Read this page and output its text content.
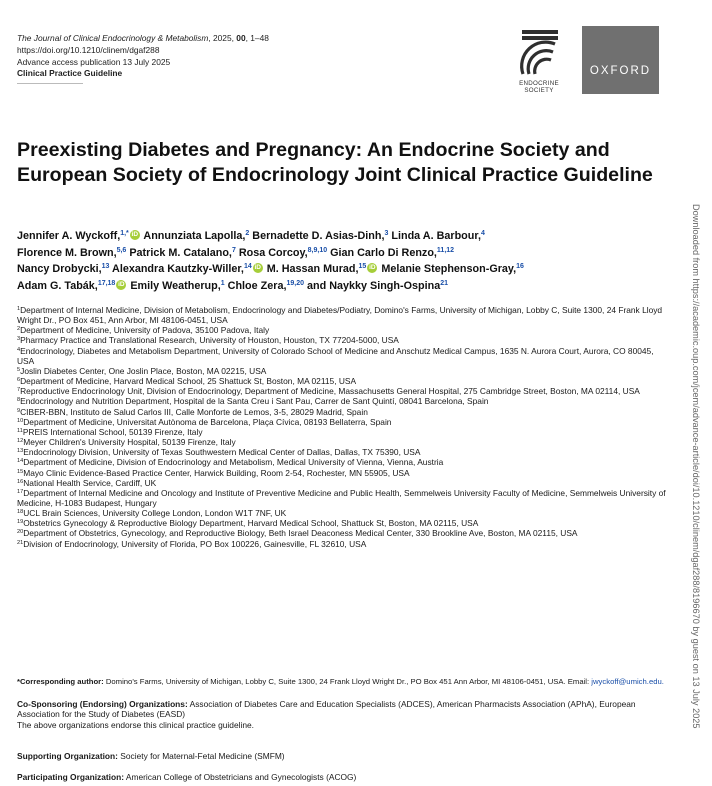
The Journal of Clinical Endocrinology & Metabolism, 2025, 00, 1–48
https://doi.org/10.1210/clinem/dgaf288
Advance access publication 13 July 2025
Clinical Practice Guideline
ENDOCRINE
SOCIETY
OXFORD
Preexisting Diabetes and Pregnancy: An Endocrine Society and European Society of Endocrinology Joint Clinical Practice Guideline
Jennifer A. Wyckoff,$^{1,*}$ iD Annunziata Lapolla,$^2$ Bernadette D. Asias-Dinh,$^3$ Linda A. Barbour,$^4$
Florence M. Brown,$^{5,6}$ Patrick M. Catalano,$^7$ Rosa Corcoy,$^{8,9,10}$ Gian Carlo Di Renzo,$^{11,12}$
Nancy Drobycki,$^{13}$ Alexandra Kautzky-Willer,$^{14}$ iD M. Hassan Murad,$^{15}$ iD Melanie Stephenson-Gray,$^{16}$
Adam G. Tabák,$^{17,18}$ iD Emily Weatherup,$^1$ Chloe Zera,$^{19,20}$ and Naykky Singh-Ospina$^{21}$
$^1$Department of Internal Medicine, Division of Metabolism, Endocrinology and Diabetes/Podiatry, Domino's Farms, University of Michigan, Lobby C, Suite 1300, 24 Frank Lloyd Wright Dr., PO Box 451, Ann Arbor, MI 48106-0451, USA
$^2$Department of Medicine, University of Padova, 35100 Padova, Italy
$^3$Pharmacy Practice and Translational Research, University of Houston, Houston, TX 77204-5000, USA
$^4$Endocrinology, Diabetes and Metabolism Department, University of Colorado School of Medicine and Anschutz Medical Campus, 1635 N. Aurora Court, Aurora, CO 80045, USA
$^5$Joslin Diabetes Center, One Joslin Place, Boston, MA 02215, USA
$^6$Department of Medicine, Harvard Medical School, 25 Shattuck St, Boston, MA 02115, USA
$^7$Reproductive Endocrinology Unit, Division of Endocrinology, Department of Medicine, Massachusetts General Hospital, 275 Cambridge Street, Boston, MA 02114, USA
$^8$Endocrinology and Nutrition Department, Hospital de la Santa Creu i Sant Pau, Carrer de Sant Quintí, 08041 Barcelona, Spain
$^9$CIBER-BBN, Instituto de Salud Carlos III, Calle Monforte de Lemos, 3-5, 28029 Madrid, Spain
$^{10}$Department of Medicine, Universitat Autònoma de Barcelona, Plaça Cívica, 08193 Bellaterra, Spain
$^{11}$PREIS International School, 50139 Firenze, Italy
$^{12}$Meyer Children's University Hospital, 50139 Firenze, Italy
$^{13}$Endocrinology Division, University of Texas Southwestern Medical Center of Dallas, Dallas, TX 75390, USA
$^{14}$Department of Medicine, Division of Endocrinology and Metabolism, Medical University of Vienna, Vienna, Austria
$^{15}$Mayo Clinic Evidence-Based Practice Center, Harwick Building, Room 2-54, Rochester, MN 55905, USA
$^{16}$National Health Service, Cardiff, UK
$^{17}$Department of Internal Medicine and Oncology and Institute of Preventive Medicine and Public Health, Semmelweis University Faculty of Medicine, Semmelweis University of Medicine, H-1083 Budapest, Hungary
$^{18}$UCL Brain Sciences, University College London, London W1T 7NF, UK
$^{19}$Obstetrics Gynecology & Reproductive Biology Department, Harvard Medical School, Shattuck St, Boston, MA 02115, USA
$^{20}$Department of Obstetrics, Gynecology, and Reproductive Biology, Beth Israel Deaconess Medical Center, 330 Brookline Ave, Boston, MA 02115, USA
$^{21}$Division of Endocrinology, University of Florida, PO Box 100226, Gainesville, FL 32610, USA
*Corresponding author: Domino's Farms, University of Michigan, Lobby C, Suite 1300, 24 Frank Lloyd Wright Dr., PO Box 451 Ann Arbor, MI 48106-0451, USA. Email: jwyckoff@umich.edu.
Co-Sponsoring (Endorsing) Organizations: Association of Diabetes Care and Education Specialists (ADCES), American Pharmacists Association (APhA), European Association for the Study of Diabetes (EASD)
The above organizations endorse this clinical practice guideline.
Supporting Organization: Society for Maternal-Fetal Medicine (SMFM)
Participating Organization: American College of Obstetricians and Gynecologists (ACOG)
Downloaded from https://academic.oup.com/jcem/advance-article/doi/10.1210/clinem/dgaf288/8196670 by guest on 13 July 2025
